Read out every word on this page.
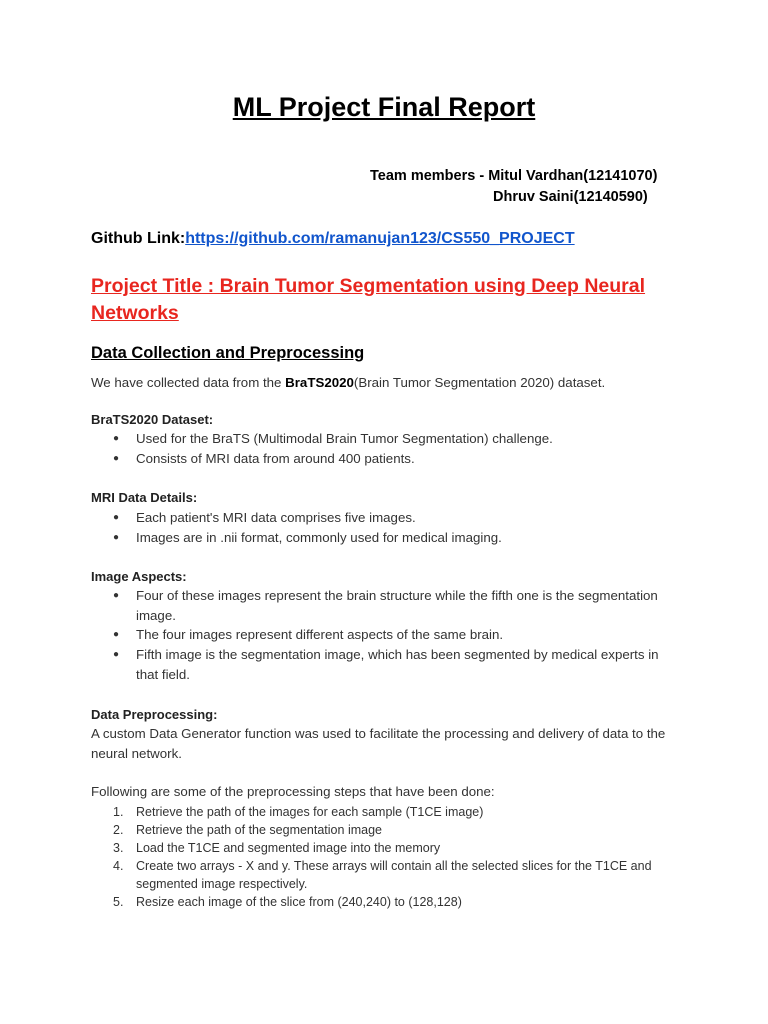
ML Project Final Report
Team members - Mitul Vardhan(12141070)
Dhruv Saini(12140590)
Github Link:https://github.com/ramanujan123/CS550_PROJECT
Project Title : Brain Tumor Segmentation using Deep Neural Networks
Data Collection and Preprocessing
We have collected data from the BraTS2020(Brain Tumor Segmentation 2020) dataset.
BraTS2020 Dataset:
● Used for the BraTS (Multimodal Brain Tumor Segmentation) challenge.
● Consists of MRI data from around 400 patients.
MRI Data Details:
● Each patient's MRI data comprises five images.
● Images are in .nii format, commonly used for medical imaging.
Image Aspects:
● Four of these images represent the brain structure while the fifth one is the segmentation image.
● The four images represent different aspects of the same brain.
● Fifth image is the segmentation image, which has been segmented by medical experts in that field.
Data Preprocessing:
A custom Data Generator function was used to facilitate the processing and delivery of data to the neural network.
Following are some of the preprocessing steps that have been done:
1. Retrieve the path of the images for each sample (T1CE image)
2. Retrieve the path of the segmentation image
3. Load the T1CE and segmented image into the memory
4. Create two arrays - X and y. These arrays will contain all the selected slices for the T1CE and segmented image respectively.
5. Resize each image of the slice from (240,240) to (128,128)
